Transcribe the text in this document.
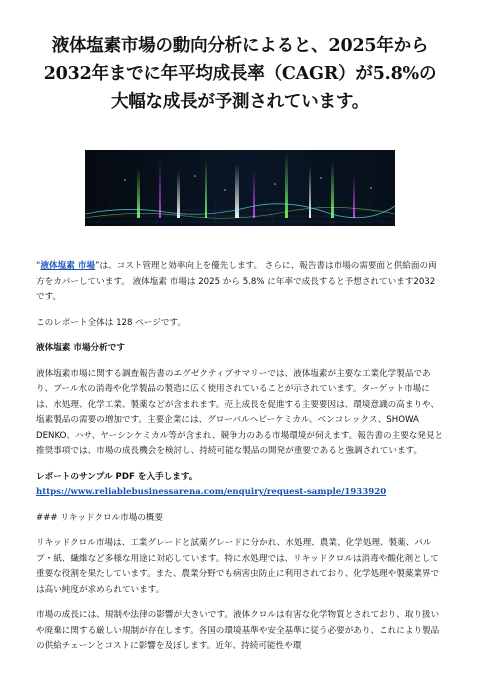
液体塩素市場の動向分析によると、2025年から2032年までに年平均成長率（CAGR）が5.8%の大幅な成長が予測されています。

“液体塩素 市場”は、コスト管理と効率向上を優先します。 さらに、報告書は市場の需要面と供給面の両方をカバーしています。 液体塩素 市場は 2025 から 5.8% に年率で成長すると予想されています2032 です。

このレポート全体は 128 ページです。

液体塩素 市場分析です

液体塩素市場に関する調査報告書のエグゼクティブサマリーでは、液体塩素が主要な工業化学製品であり、プール水の消毒や化学製品の製造に広く使用されていることが示されています。ターゲット市場には、水処理、化学工業、製薬などが含まれます。売上成長を促進する主要要因は、環境意識の高まりや、塩素製品の需要の増加です。主要企業には、グローバルヘビーケミカル、ベンコレックス、SHOWA DENKO、ハサ、ヤーシンケミカル等が含まれ、競争力のある市場環境が伺えます。報告書の主要な発見と推奨事項では、市場の成長機会を検討し、持続可能な製品の開発が重要であると強調されています。

レポートのサンプル PDF を入手します。 https://www.reliablebusinessarena.com/enquiry/request-sample/1933920

### リキッドクロル市場の概要

リキッドクロル市場は、工業グレードと試薬グレードに分かれ、水処理、農業、化学処理、製薬、パルプ・紙、繊維など多様な用途に対応しています。特に水処理では、リキッドクロルは消毒や酸化剤として重要な役割を果たしています。また、農業分野でも病害虫防止に利用されており、化学処理や製薬業界では高い純度が求められています。

市場の成長には、規制や法律の影響が大きいです。液体クロルは有害な化学物質とされており、取り扱いや廃棄に関する厳しい規制が存在します。各国の環境基準や安全基準に従う必要があり、これにより製品の供給チェーンとコストに影響を及ぼします。近年、持続可能性や環
